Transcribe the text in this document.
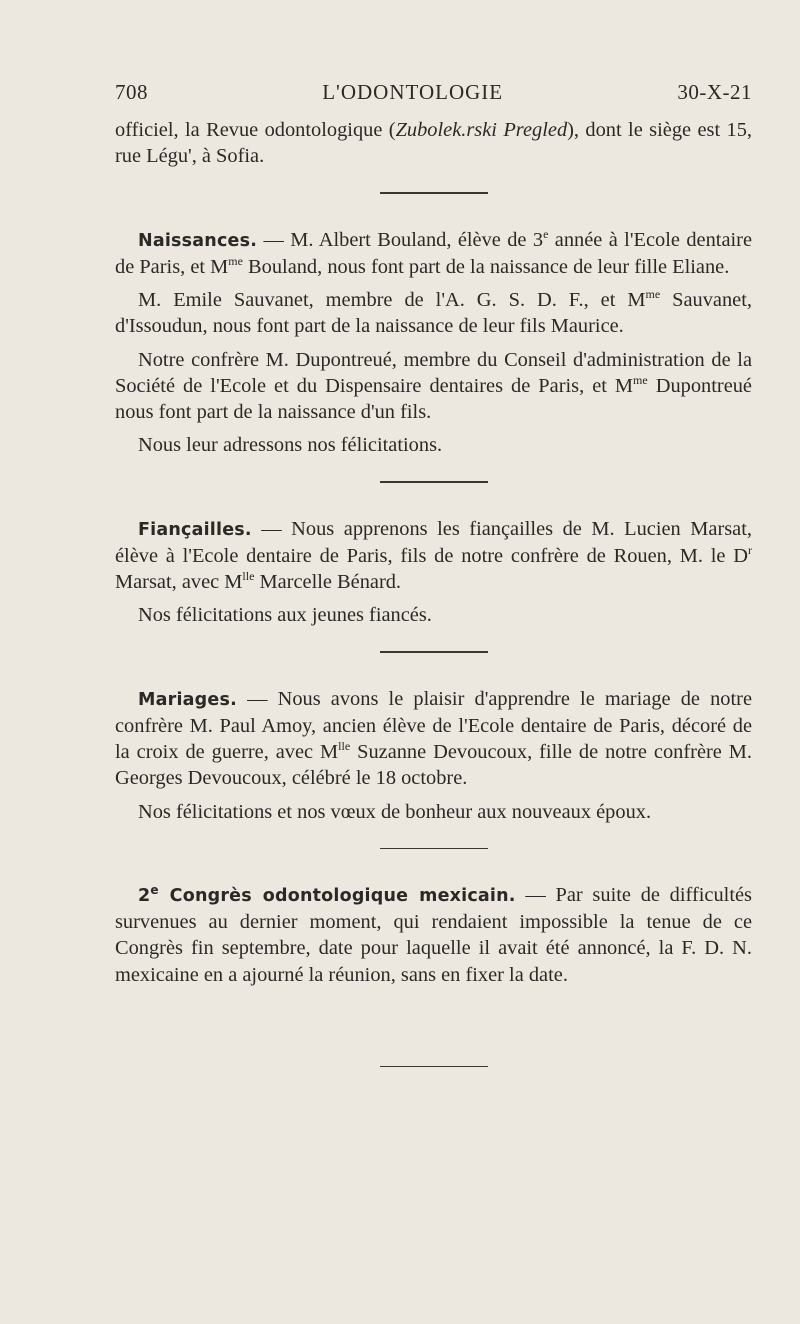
708	L'ODONTOLOGIE	30-X-21

officiel, la Revue odontologique (Zubolek.rski Pregled), dont le siège est 15, rue Légu', à Sofia.

Naissances. — M. Albert Bouland, élève de 3e année à l'Ecole dentaire de Paris, et $M^{me}$ Bouland, nous font part de la naissance de leur fille Eliane.

M. Emile Sauvanet, membre de l'A. G. S. D. F., et $M^{me}$ Sauvanet, d'Issoudun, nous font part de la naissance de leur fils Maurice.

Notre confrère M. Dupontreué, membre du Conseil d'administration de la Société de l'Ecole et du Dispensaire dentaires de Paris, et $M^{me}$ Dupontreué nous font part de la naissance d'un fils.

Nous leur adressons nos félicitations.

Fiançailles. — Nous apprenons les fiançailles de M. Lucien Marsat, élève à l'Ecole dentaire de Paris, fils de notre confrère de Rouen, M. le $D^r$ Marsat, avec $M^{lle}$ Marcelle Bénard.

Nos félicitations aux jeunes fiancés.

Mariages. — Nous avons le plaisir d'apprendre le mariage de notre confrère M. Paul Amoy, ancien élève de l'Ecole dentaire de Paris, décoré de la croix de guerre, avec $M^{lle}$ Suzanne Devoucoux, fille de notre confrère M. Georges Devoucoux, célébré le 18 octobre.

Nos félicitations et nos vœux de bonheur aux nouveaux époux.

2e Congrès odontologique mexicain. — Par suite de difficultés survenues au dernier moment, qui rendaient impossible la tenue de ce Congrès fin septembre, date pour laquelle il avait été annoncé, la F. D. N. mexicaine en a ajourné la réunion, sans en fixer la date.
